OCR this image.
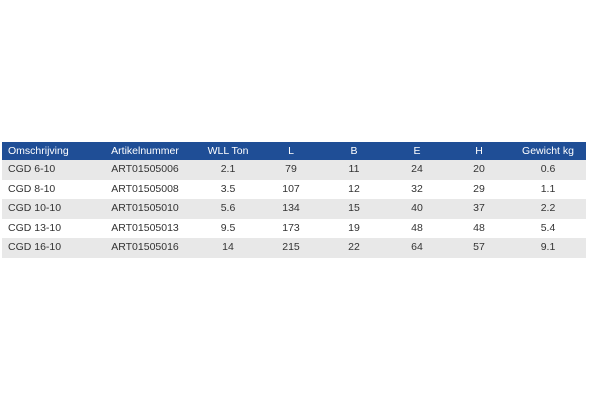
Omschrijving	Artikelnummer	WLL Ton	L	B	E	H	Gewicht kg
CGD 6-10	ART01505006	2.1	79	11	24	20	0.6
CGD 8-10	ART01505008	3.5	107	12	32	29	1.1
CGD 10-10	ART01505010	5.6	134	15	40	37	2.2
CGD 13-10	ART01505013	9.5	173	19	48	48	5.4
CGD 16-10	ART01505016	14	215	22	64	57	9.1
